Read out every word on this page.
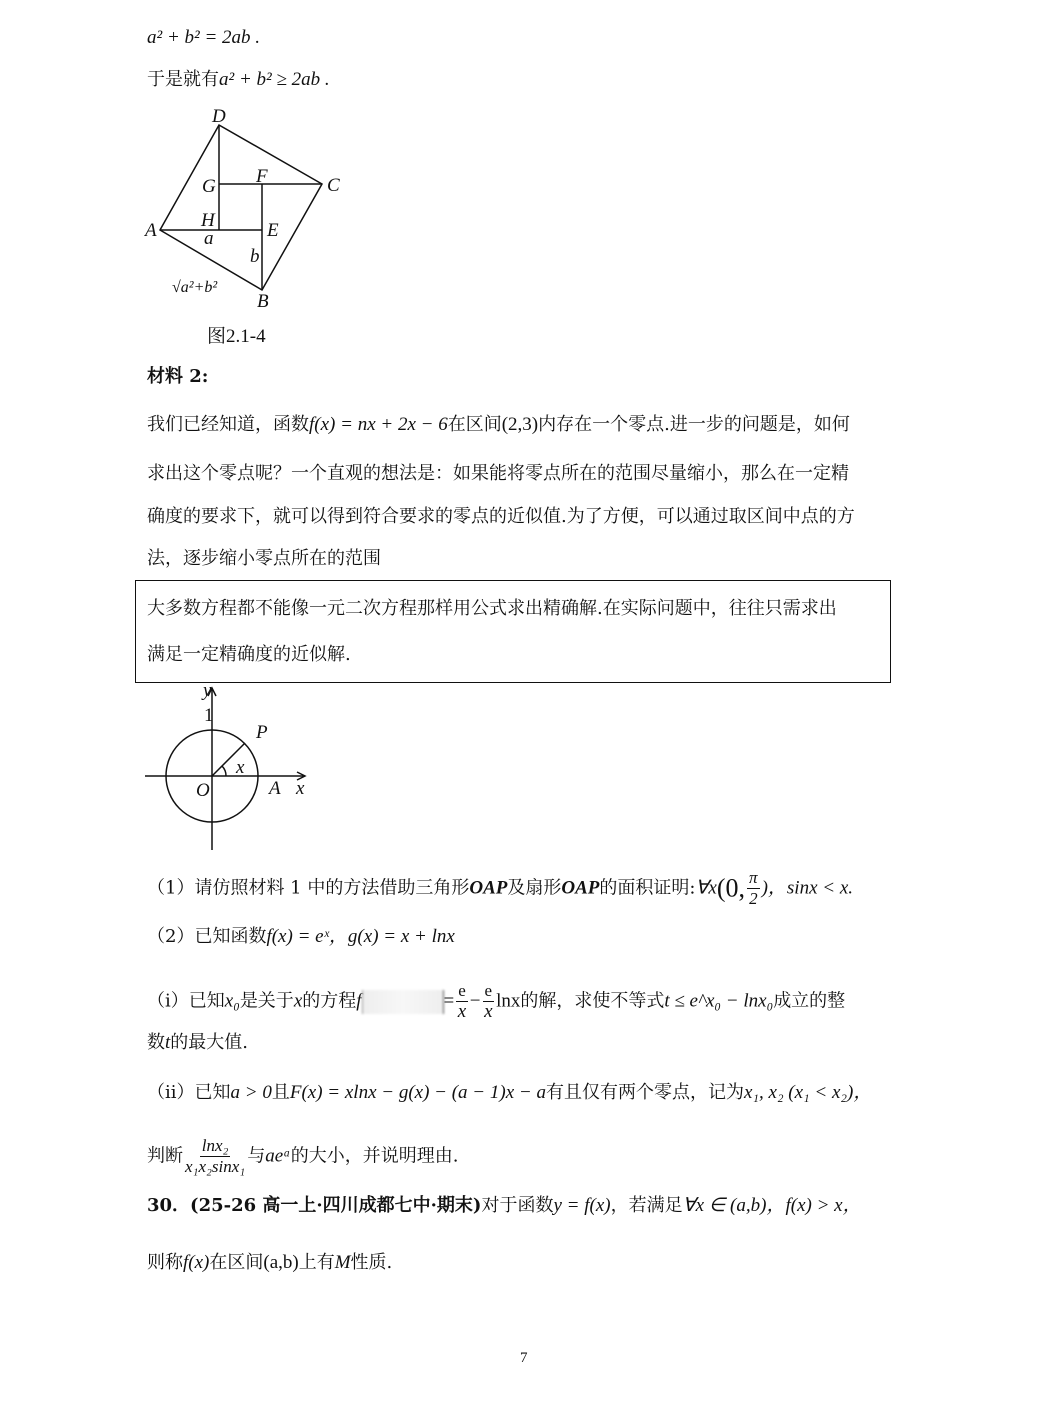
a² + b² = 2ab .
于是就有a² + b² ≥ 2ab .
D
G F	C
H
A a	E
b
√a²+b²
B
图2.1-4
材料 2:
我们已经知道，函数f(x) = nx + 2x − 6在区间(2,3)内存在一个零点.进一步的问题是，如何
求出这个零点呢？一个直观的想法是：如果能将零点所在的范围尽量缩小，那么在一定精
确度的要求下，就可以得到符合要求的零点的近似值.为了方便，可以通过取区间中点的方
法，逐步缩小零点所在的范围
大多数方程都不能像一元二次方程那样用公式求出精确解.在实际问题中，往往只需求出
满足一定精确度的近似解.
y
1
P
x
O	A x
（1）请仿照材料 1 中的方法借助三角形OAP及扇形OAP的面积证明:∀x(0, $\frac{\pi}{2}$ )，sinx < x.
（2）已知函数f(x) = eˣ，g(x) = x + lnx
（i）已知x₀是关于x的方程f	= $\frac{e}{x} - \frac{e}{x}$ lnx的解，求使不等式t ≤ e^x₀ − lnx₀成立的整
数t的最大值.
（ii）已知a > 0且F(x) = xlnx − g(x) − (a − 1)x − a有且仅有两个零点，记为x₁, x₂ (x₁ < x₂)，
判断 $\frac{\text{lnx₂}}{\text{x₁x₂sinx₁}}$ 与aeᵃ的大小，并说明理由.
30．(25-26 高一上·四川成都七中·期末)对于函数y = f(x)，若满足∀x ∈ (a,b)，f(x) > x，
则称f(x)在区间(a,b)上有M性质.
7
